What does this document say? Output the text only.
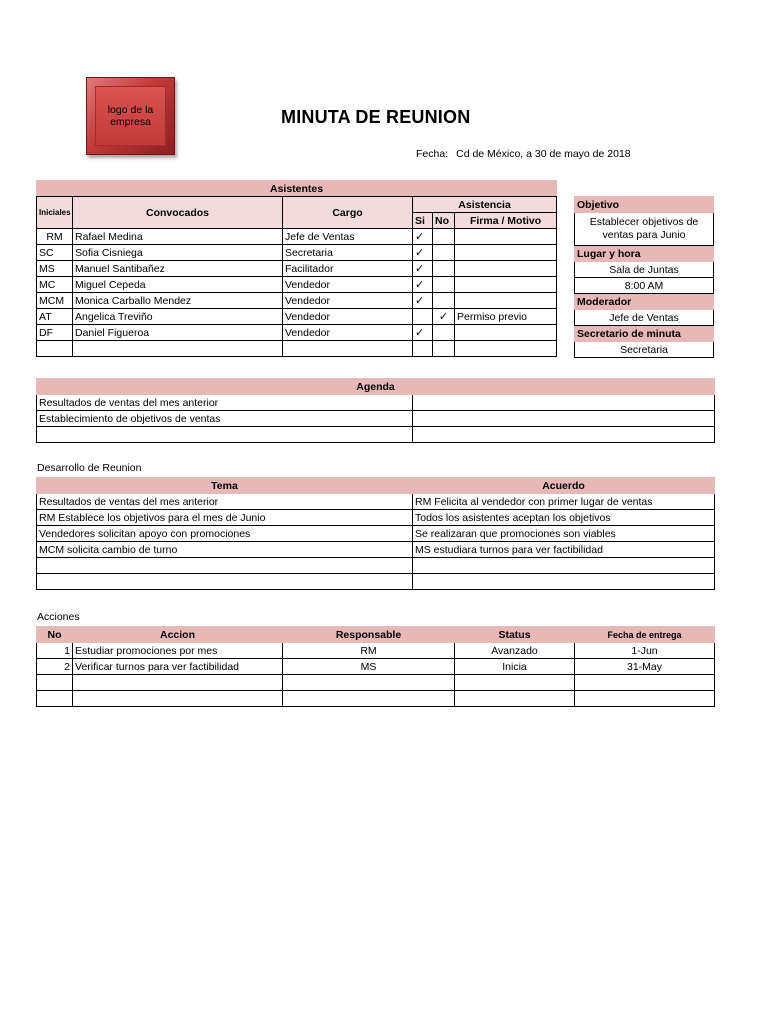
logo de la empresa	MINUTA DE REUNION
Fecha: Cd de México, a 30 de mayo de 2018
Asistentes					
Iniciales	Convocados	Cargo	Asistencia		
			Si	No	Firma / Motivo
RM	Rafael Medina	Jefe de Ventas	✓		
SC	Sofia Cisniega	Secretaria	✓		
MS	Manuel Santibañez	Facilitador	✓		
MC	Miguel Cepeda	Vendedor	✓		
MCM	Monica Carballo Mendez	Vendedor	✓		
AT	Angelica Treviño	Vendedor		✓	Permiso previo
DF	Daniel Figueroa	Vendedor	✓		

Objetivo
Establecer objetivos de ventas para Junio
Lugar y hora
Sala de Juntas
8:00 AM
Moderador
Jefe de Ventas
Secretario de minuta
Secretaria
Agenda	
Resultados de ventas del mes anterior	
Establecimiento de objetivos de ventas	

Desarrollo de Reunion
Tema	Acuerdo
Resultados de ventas del mes anterior	RM Felicita al vendedor con primer lugar de ventas
RM Establece los objetivos para el mes de Junio	Todos los asistentes aceptan los objetivos
Vendedores solicitan apoyo con promociones	Se realizaran que promociones son viables
MCM solicita cambio de turno	MS estudiara turnos para ver factibilidad

Acciones
No	Accion	Responsable	Status	Fecha de entrega
1	Estudiar promociones por mes	RM	Avanzado	1-Jun
2	Verificar turnos para ver factibilidad	MS	Inicia	31-May
